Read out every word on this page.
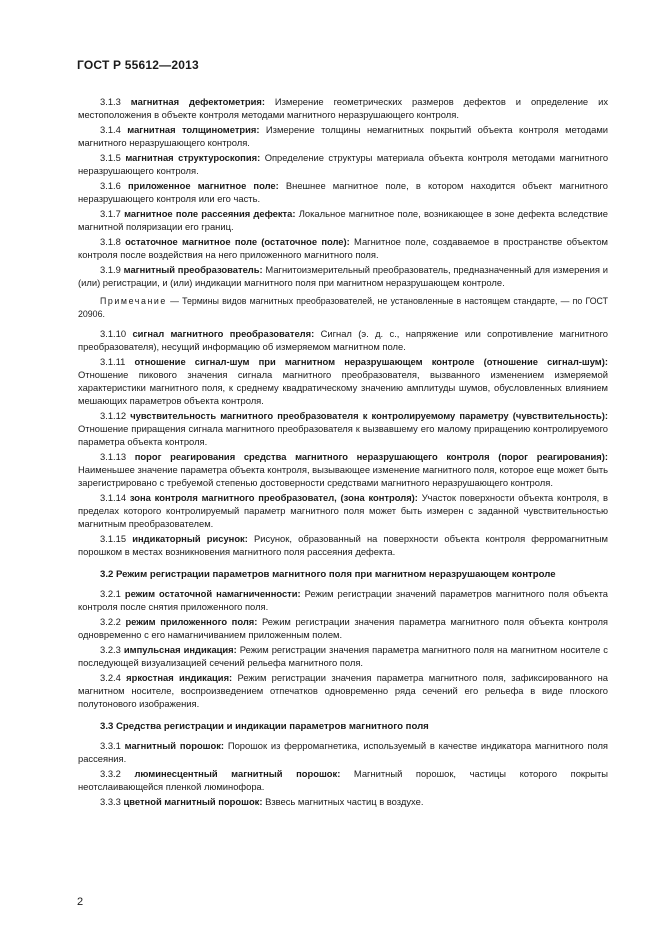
ГОСТ Р 55612—2013

3.1.3 магнитная дефектометрия: Измерение геометрических размеров дефектов и определение их местоположения в объекте контроля методами магнитного неразрушающего контроля.

3.1.4 магнитная толщинометрия: Измерение толщины немагнитных покрытий объекта контроля методами магнитного неразрушающего контроля.

3.1.5 магнитная структуроскопия: Определение структуры материала объекта контроля методами магнитного неразрушающего контроля.

3.1.6 приложенное магнитное поле: Внешнее магнитное поле, в котором находится объект магнитного неразрушающего контроля или его часть.

3.1.7 магнитное поле рассеяния дефекта: Локальное магнитное поле, возникающее в зоне дефекта вследствие магнитной поляризации его границ.

3.1.8 остаточное магнитное поле (остаточное поле): Магнитное поле, создаваемое в пространстве объектом контроля после воздействия на него приложенного магнитного поля.

3.1.9 магнитный преобразователь: Магнитоизмерительный преобразователь, предназначенный для измерения и (или) регистрации, и (или) индикации магнитного поля при магнитном неразрушающем контроле.

Примечание — Термины видов магнитных преобразователей, не установленные в настоящем стандарте, — по ГОСТ 20906.

3.1.10 сигнал магнитного преобразователя: Сигнал (э. д. с., напряжение или сопротивление магнитного преобразователя), несущий информацию об измеряемом магнитном поле.

3.1.11 отношение сигнал-шум при магнитном неразрушающем контроле (отношение сигнал-шум): Отношение пикового значения сигнала магнитного преобразователя, вызванного изменением измеряемой характеристики магнитного поля, к среднему квадратическому значению амплитуды шумов, обусловленных влиянием мешающих параметров объекта контроля.

3.1.12 чувствительность магнитного преобразователя к контролируемому параметру (чувствительность): Отношение приращения сигнала магнитного преобразователя к вызвавшему его малому приращению контролируемого параметра объекта контроля.

3.1.13 порог реагирования средства магнитного неразрушающего контроля (порог реагирования): Наименьшее значение параметра объекта контроля, вызывающее изменение магнитного поля, которое еще может быть зарегистрировано с требуемой степенью достоверности средствами магнитного неразрушающего контроля.

3.1.14 зона контроля магнитного преобразовател, (зона контроля): Участок поверхности объекта контроля, в пределах которого контролируемый параметр магнитного поля может быть измерен с заданной чувствительностью магнитным преобразователем.

3.1.15 индикаторный рисунок: Рисунок, образованный на поверхности объекта контроля ферромагнитным порошком в местах возникновения магнитного поля рассеяния дефекта.

3.2 Режим регистрации параметров магнитного поля при магнитном неразрушающем контроле

3.2.1 режим остаточной намагниченности: Режим регистрации значений параметров магнитного поля объекта контроля после снятия приложенного поля.

3.2.2 режим приложенного поля: Режим регистрации значения параметра магнитного поля объекта контроля одновременно с его намагничиванием приложенным полем.

3.2.3 импульсная индикация: Режим регистрации значения параметра магнитного поля на магнитном носителе с последующей визуализацией сечений рельефа магнитного поля.

3.2.4 яркостная индикация: Режим регистрации значения параметра магнитного поля, зафиксированного на магнитном носителе, воспроизведением отпечатков одновременно ряда сечений его рельефа в виде плоского полутонового изображения.

3.3 Средства регистрации и индикации параметров магнитного поля

3.3.1 магнитный порошок: Порошок из ферромагнетика, используемый в качестве индикатора магнитного поля рассеяния.

3.3.2 люминесцентный магнитный порошок: Магнитный порошок, частицы которого покрыты неотслаивающейся пленкой люминофора.

3.3.3 цветной магнитный порошок: Взвесь магнитных частиц в воздухе.

2
